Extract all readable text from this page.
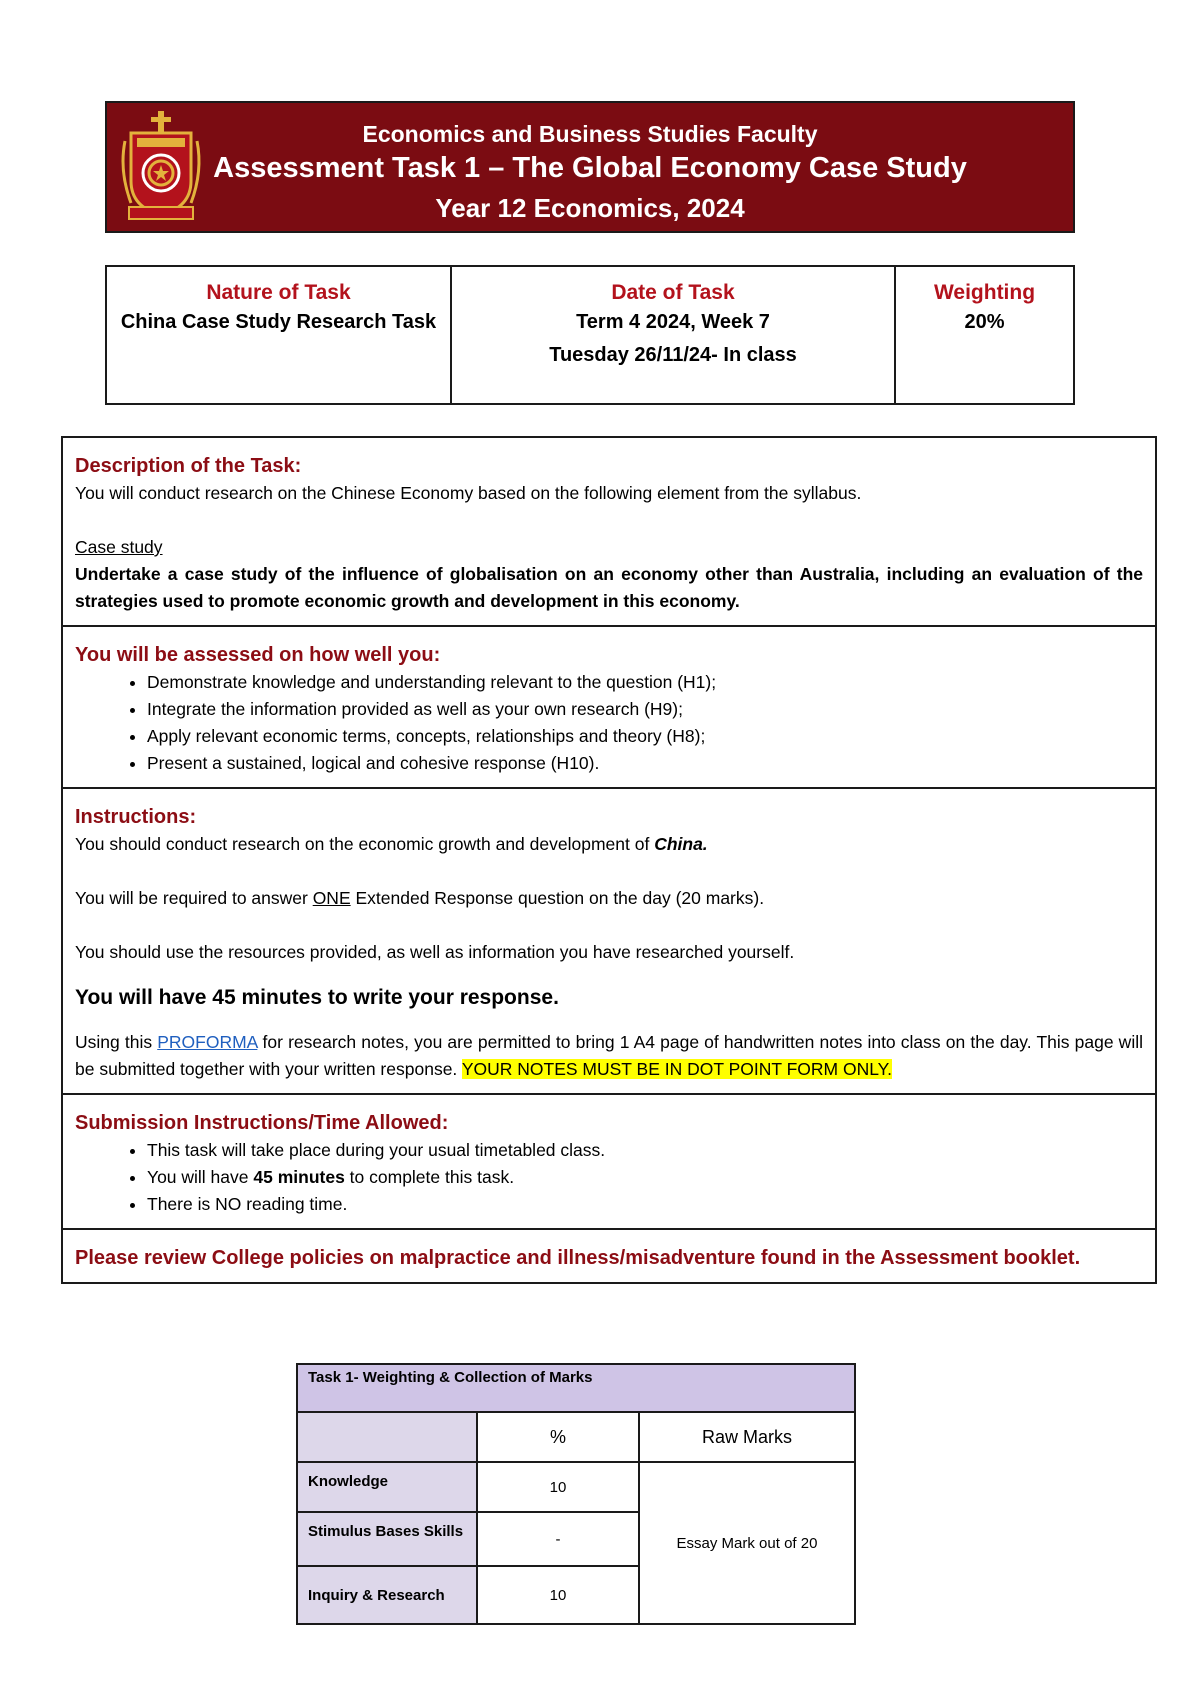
Economics and Business Studies Faculty
Assessment Task 1 – The Global Economy Case Study
Year 12 Economics, 2024
Nature of Task
China Case Study Research Task
Date of Task
Term 4 2024, Week 7
Tuesday 26/11/24- In class
Weighting
20%
Description of the Task:
You will conduct research on the Chinese Economy based on the following element from the syllabus.
Case study
Undertake a case study of the influence of globalisation on an economy other than Australia, including an evaluation of the strategies used to promote economic growth and development in this economy.
You will be assessed on how well you:
• Demonstrate knowledge and understanding relevant to the question (H1);
• Integrate the information provided as well as your own research (H9);
• Apply relevant economic terms, concepts, relationships and theory (H8);
• Present a sustained, logical and cohesive response (H10).
Instructions:
You should conduct research on the economic growth and development of China.
You will be required to answer ONE Extended Response question on the day (20 marks).
You should use the resources provided, as well as information you have researched yourself.
You will have 45 minutes to write your response.
Using this PROFORMA for research notes, you are permitted to bring 1 A4 page of handwritten notes into class on the day. This page will be submitted together with your written response. YOUR NOTES MUST BE IN DOT POINT FORM ONLY.
Submission Instructions/Time Allowed:
• This task will take place during your usual timetabled class.
• You will have 45 minutes to complete this task.
• There is NO reading time.
Please review College policies on malpractice and illness/misadventure found in the Assessment booklet.
Task 1- Weighting & Collection of Marks		
	%	Raw Marks
Knowledge	10	Essay Mark out of 20
Stimulus Bases Skills	-	
Inquiry & Research	10	
